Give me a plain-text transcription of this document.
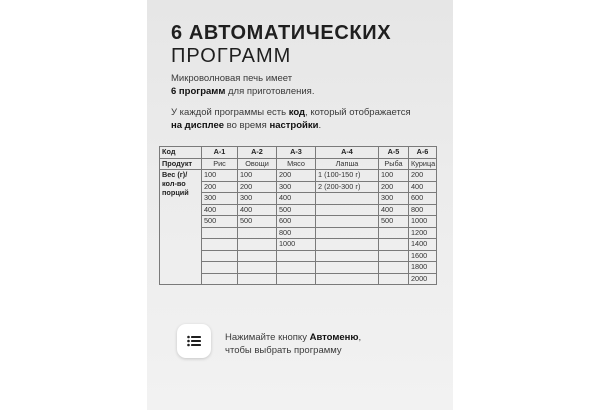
6 АВТОМАТИЧЕСКИХ
ПРОГРАММ

Микроволновая печь имеет
6 программ для приготовления.

У каждой программы есть код, который отображается
на дисплее во время настройки.

Код	A-1	A-2	A-3	A-4	A-5	A-6
Продукт	Рис	Овощи	Мясо	Лапша	Рыба	Курица
Вес (г)/ кол-во порций	100	100	200	1 (100-150 г)	100	200
	200	200	300	2 (200-300 г)	200	400
	300	300	400		300	600
	400	400	500		400	800
	500	500	600		500	1000
			800			1200
			1000			1400
						1600
						1800
						2000
Нажимайте кнопку Автоменю,
чтобы выбрать программу
